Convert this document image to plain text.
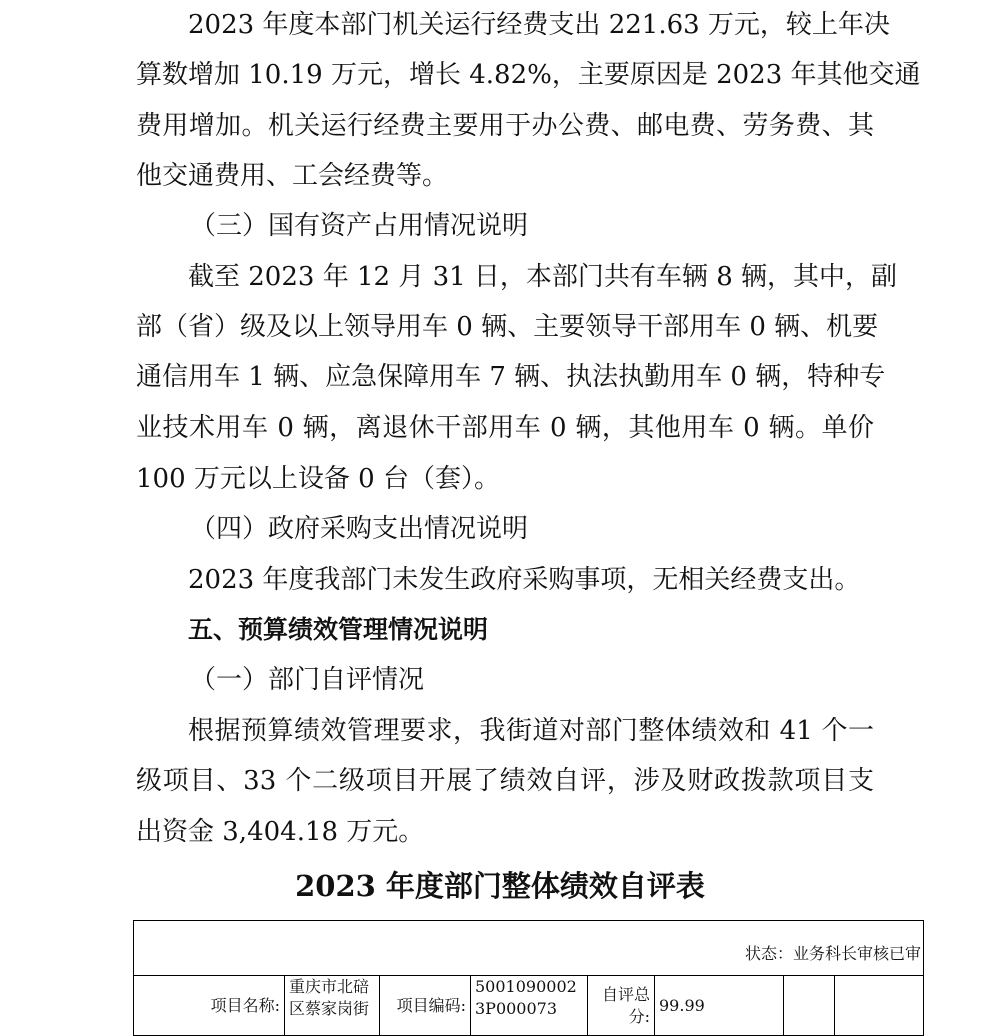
2023 年度本部门机关运行经费支出 221.63 万元，较上年决
算数增加 10.19 万元，增长 4.82%，主要原因是 2023 年其他交通
费用增加。机关运行经费主要用于办公费、邮电费、劳务费、其
他交通费用、工会经费等。
（三）国有资产占用情况说明
截至 2023 年 12 月 31 日，本部门共有车辆 8 辆，其中，副
部（省）级及以上领导用车 0 辆、主要领导干部用车 0 辆、机要
通信用车 1 辆、应急保障用车 7 辆、执法执勤用车 0 辆，特种专
业技术用车 0 辆，离退休干部用车 0 辆，其他用车 0 辆。单价
100 万元以上设备 0 台（套）。
（四）政府采购支出情况说明
2023 年度我部门未发生政府采购事项，无相关经费支出。
五、预算绩效管理情况说明
（一）部门自评情况
根据预算绩效管理要求，我街道对部门整体绩效和 41 个一
级项目、33 个二级项目开展了绩效自评，涉及财政拨款项目支
出资金 3,404.18 万元。
2023 年度部门整体绩效自评表
状态：业务科长审核已审
项目名称:	重庆市北碚区蔡家岗街	项目编码:	50010900023P000073	自评总分:	99.99		
